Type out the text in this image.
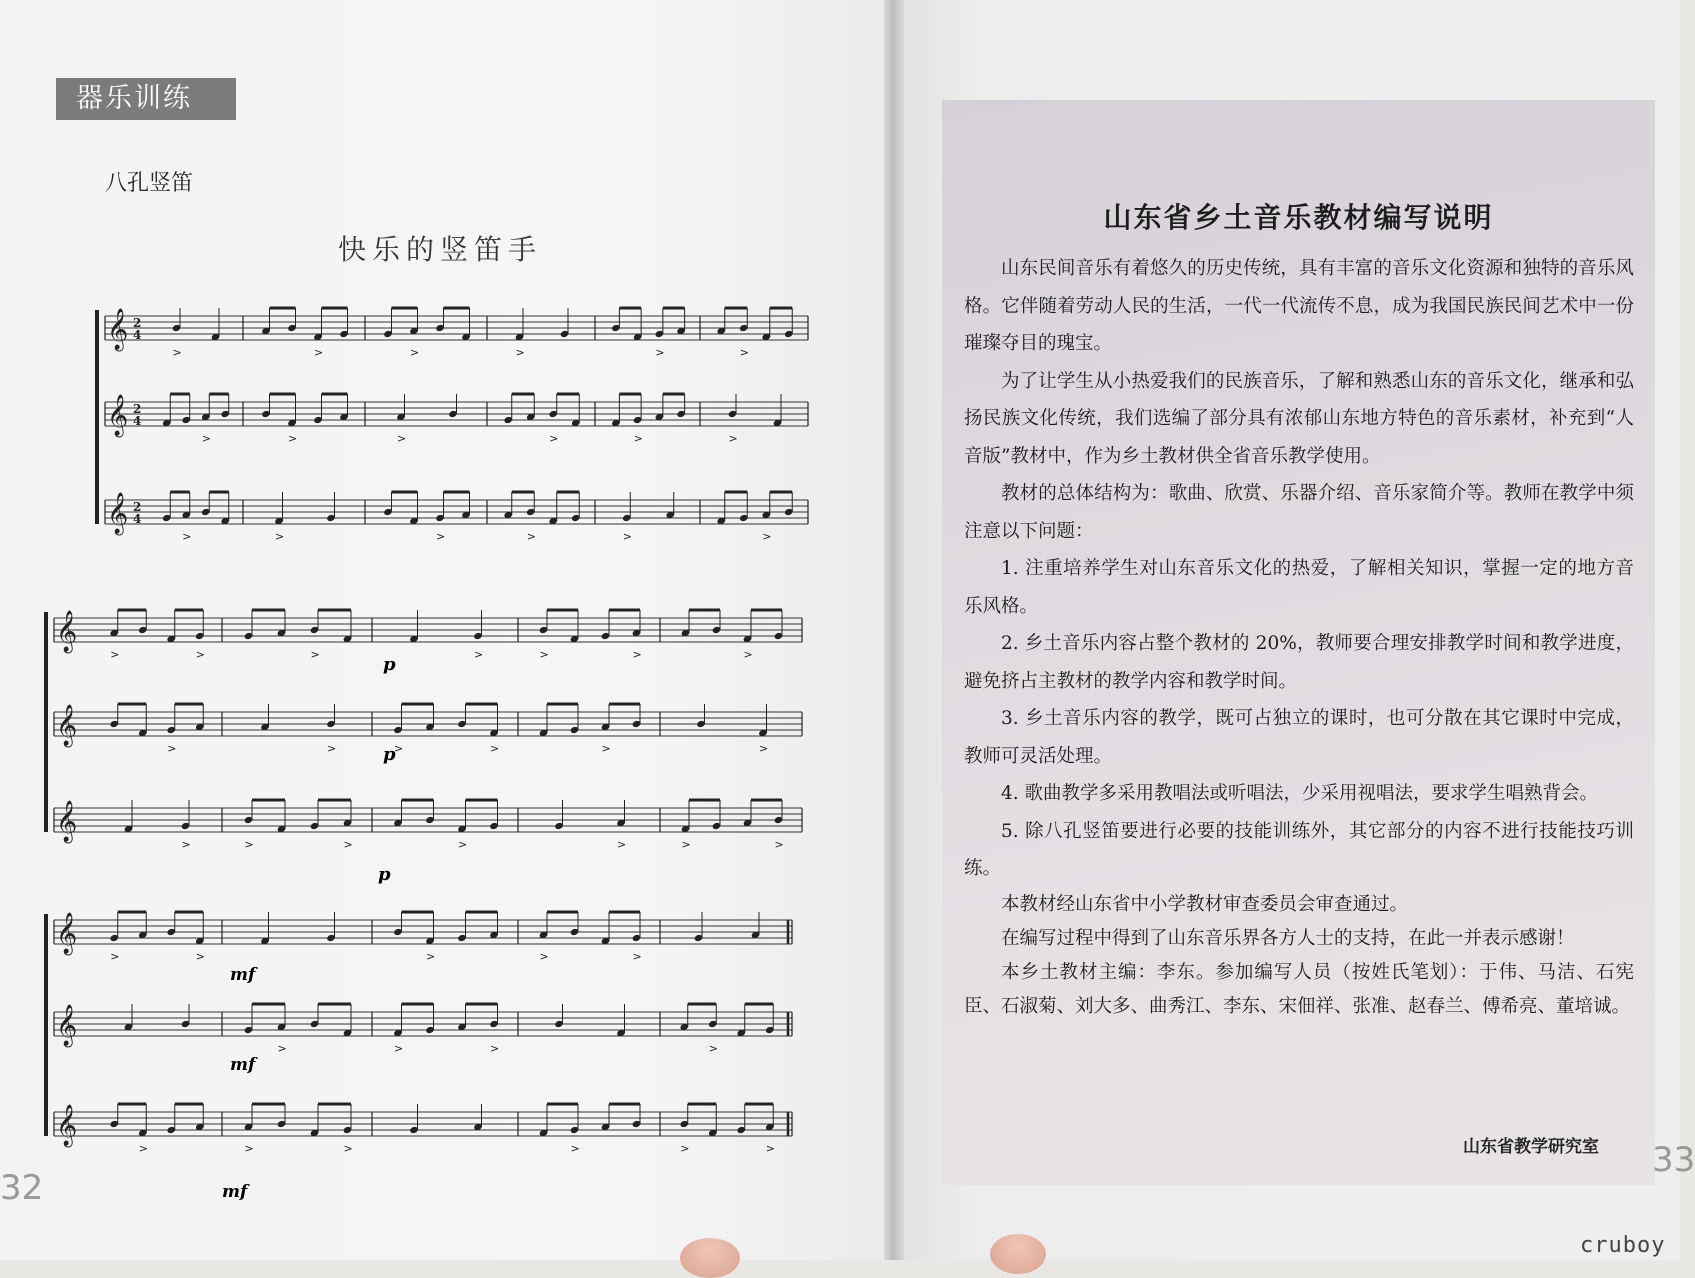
器乐训练
八孔竖笛
快乐的竖笛手
𝄞 2
4
>	>	>	>	>	>
𝄞 2
4
>	>	>	>	>	>
𝄞 2
4
>	>	>	>	>	>
𝄞
>	>	>	>	>	>	>
𝄞
>	>	>	>	>	>
𝄞
>	>	>	>	>	>	>
𝄞
>	>	>	>	>
𝄞
>	>	>	>
𝄞
>	>	>	>	>	>
p
p
p
mf
mf
mf
32
山东省乡土音乐教材编写说明

山东民间音乐有着悠久的历史传统，具有丰富的音乐文化资源和独特的音乐风格。它伴随着劳动人民的生活，一代一代流传不息，成为我国民族民间艺术中一份璀璨夺目的瑰宝。

为了让学生从小热爱我们的民族音乐，了解和熟悉山东的音乐文化，继承和弘扬民族文化传统，我们选编了部分具有浓郁山东地方特色的音乐素材，补充到“人音版”教材中，作为乡土教材供全省音乐教学使用。

教材的总体结构为：歌曲、欣赏、乐器介绍、音乐家简介等。教师在教学中须注意以下问题：

1. 注重培养学生对山东音乐文化的热爱，了解相关知识，掌握一定的地方音乐风格。

2. 乡土音乐内容占整个教材的 20%，教师要合理安排教学时间和教学进度，避免挤占主教材的教学内容和教学时间。

3. 乡土音乐内容的教学，既可占独立的课时，也可分散在其它课时中完成，教师可灵活处理。

4. 歌曲教学多采用教唱法或听唱法，少采用视唱法，要求学生唱熟背会。

5. 除八孔竖笛要进行必要的技能训练外，其它部分的内容不进行技能技巧训练。

本教材经山东省中小学教材审查委员会审查通过。

在编写过程中得到了山东音乐界各方人士的支持，在此一并表示感谢！

本乡土教材主编：李东。参加编写人员（按姓氏笔划）：于伟、马洁、石宪臣、石淑菊、刘大多、曲秀江、李东、宋佃祥、张准、赵春兰、傅希亮、董培诚。

山东省教学研究室 33
cruboy
